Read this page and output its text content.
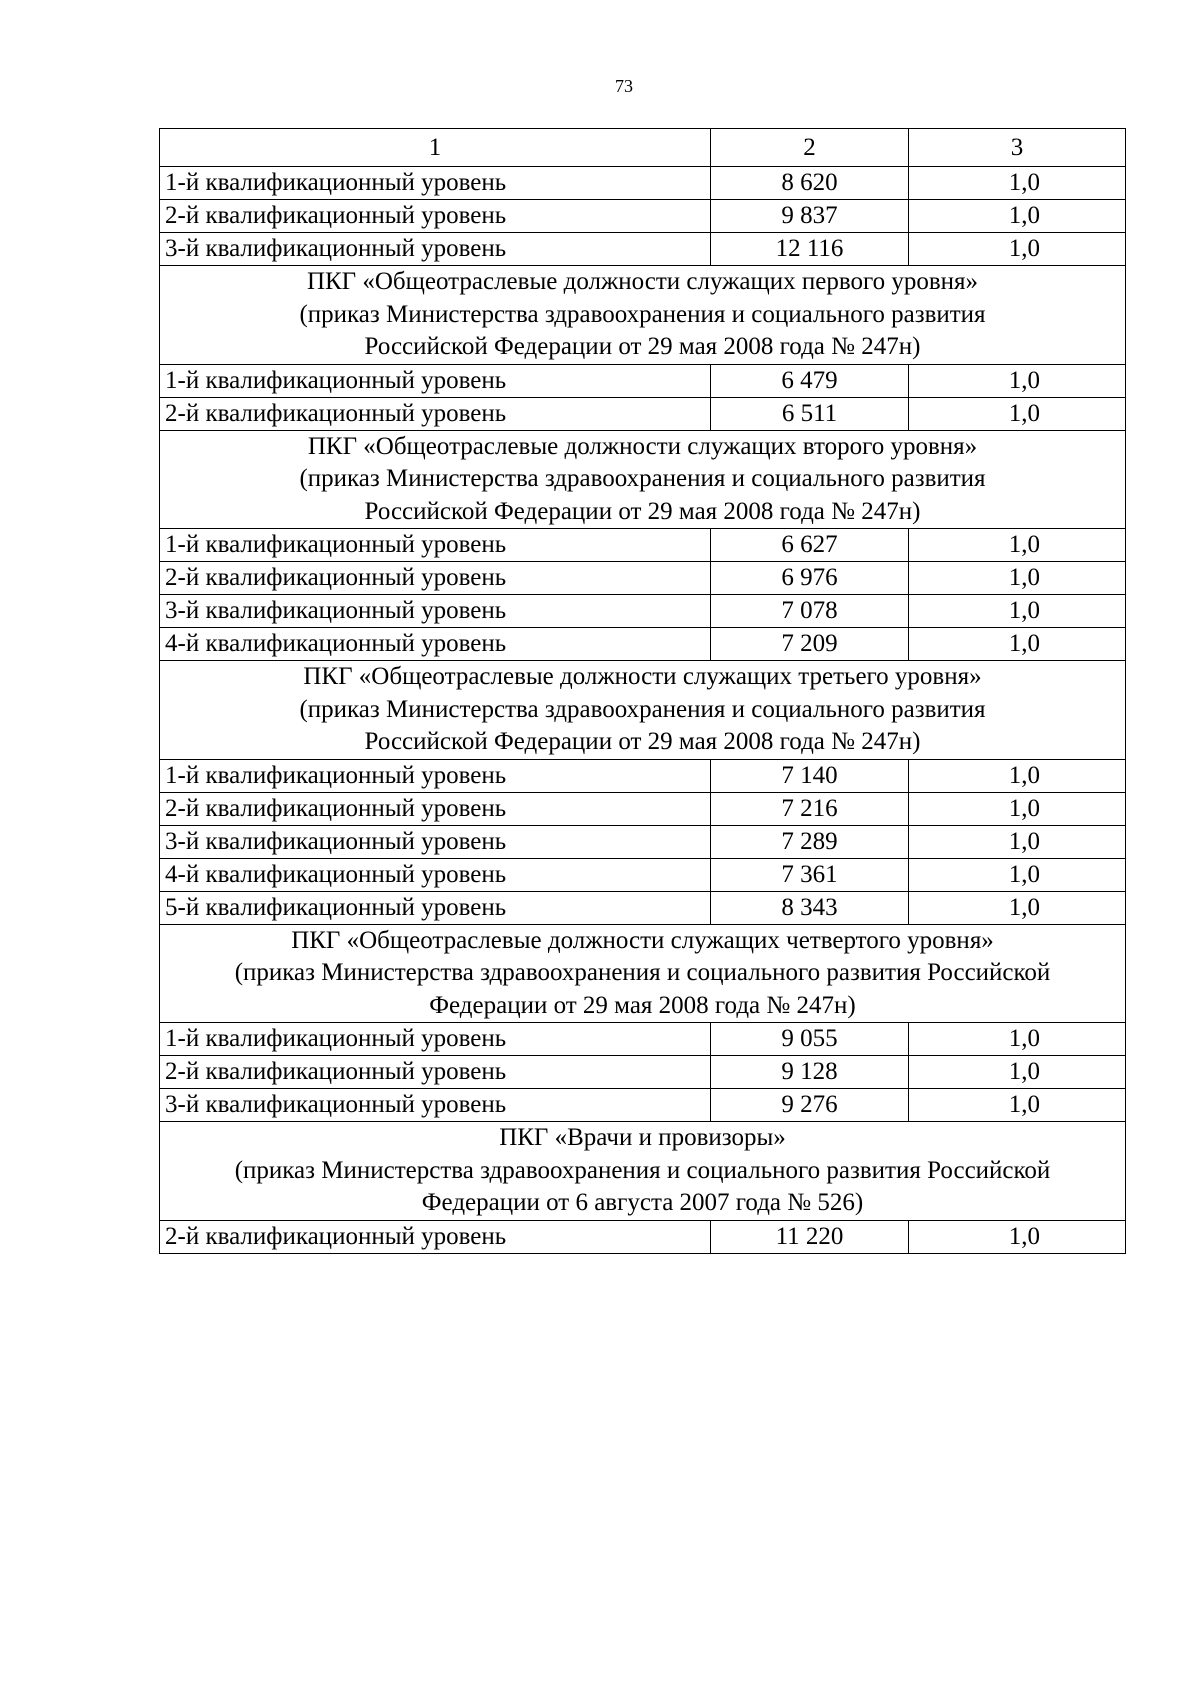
73
1	2	3
1-й квалификационный уровень	8 620	1,0
2-й квалификационный уровень	9 837	1,0
3-й квалификационный уровень	12 116	1,0

ПКГ «Общеотраслевые должности служащих первого уровня»
(приказ Министерства здравоохранения и социального развития
Российской Федерации от 29 мая 2008 года № 247н)		

1-й квалификационный уровень	6 479	1,0
2-й квалификационный уровень	6 511	1,0

ПКГ «Общеотраслевые должности служащих второго уровня»
(приказ Министерства здравоохранения и социального развития
Российской Федерации от 29 мая 2008 года № 247н)		

1-й квалификационный уровень	6 627	1,0
2-й квалификационный уровень	6 976	1,0
3-й квалификационный уровень	7 078	1,0
4-й квалификационный уровень	7 209	1,0

ПКГ «Общеотраслевые должности служащих третьего уровня»
(приказ Министерства здравоохранения и социального развития
Российской Федерации от 29 мая 2008 года № 247н)		

1-й квалификационный уровень	7 140	1,0
2-й квалификационный уровень	7 216	1,0
3-й квалификационный уровень	7 289	1,0
4-й квалификационный уровень	7 361	1,0
5-й квалификационный уровень	8 343	1,0

ПКГ «Общеотраслевые должности служащих четвертого уровня»
(приказ Министерства здравоохранения и социального развития Российской
Федерации от 29 мая 2008 года № 247н)		

1-й квалификационный уровень	9 055	1,0
2-й квалификационный уровень	9 128	1,0
3-й квалификационный уровень	9 276	1,0

ПКГ «Врачи и провизоры»
(приказ Министерства здравоохранения и социального развития Российской
Федерации от 6 августа 2007 года № 526)		

2-й квалификационный уровень	11 220	1,0
